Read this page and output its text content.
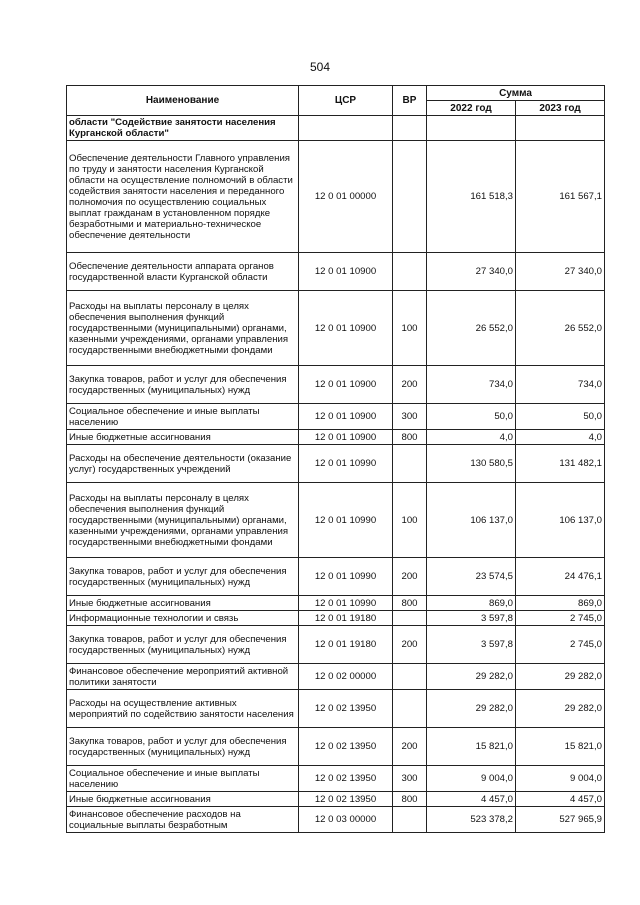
504
Наименование	ЦСР	ВР	Сумма	
			2022 год	2023 год
области "Содействие занятости населения Курганской области"				
Обеспечение деятельности Главного управления по труду и занятости населения Курганской области на осуществление полномочий в области содействия занятости населения и переданного полномочия по осуществлению социальных выплат гражданам в установленном порядке безработными и материально-техническое обеспечение деятельности	12 0 01 00000		161 518,3	161 567,1
Обеспечение деятельности аппарата органов государственной власти Курганской области	12 0 01 10900		27 340,0	27 340,0
Расходы на выплаты персоналу в целях обеспечения выполнения функций государственными (муниципальными) органами, казенными учреждениями, органами управления государственными внебюджетными фондами	12 0 01 10900	100	26 552,0	26 552,0
Закупка товаров, работ и услуг для обеспечения государственных (муниципальных) нужд	12 0 01 10900	200	734,0	734,0
Социальное обеспечение и иные выплаты населению	12 0 01 10900	300	50,0	50,0
Иные бюджетные ассигнования	12 0 01 10900	800	4,0	4,0
Расходы на обеспечение деятельности (оказание услуг) государственных учреждений	12 0 01 10990		130 580,5	131 482,1
Расходы на выплаты персоналу в целях обеспечения выполнения функций государственными (муниципальными) органами, казенными учреждениями, органами управления государственными внебюджетными фондами	12 0 01 10990	100	106 137,0	106 137,0
Закупка товаров, работ и услуг для обеспечения государственных (муниципальных) нужд	12 0 01 10990	200	23 574,5	24 476,1
Иные бюджетные ассигнования	12 0 01 10990	800	869,0	869,0
Информационные технологии и связь	12 0 01 19180		3 597,8	2 745,0
Закупка товаров, работ и услуг для обеспечения государственных (муниципальных) нужд	12 0 01 19180	200	3 597,8	2 745,0
Финансовое обеспечение мероприятий активной политики занятости	12 0 02 00000		29 282,0	29 282,0
Расходы на осуществление активных мероприятий по содействию занятости населения	12 0 02 13950		29 282,0	29 282,0
Закупка товаров, работ и услуг для обеспечения государственных (муниципальных) нужд	12 0 02 13950	200	15 821,0	15 821,0
Социальное обеспечение и иные выплаты населению	12 0 02 13950	300	9 004,0	9 004,0
Иные бюджетные ассигнования	12 0 02 13950	800	4 457,0	4 457,0
Финансовое обеспечение расходов на социальные выплаты безработным	12 0 03 00000		523 378,2	527 965,9
